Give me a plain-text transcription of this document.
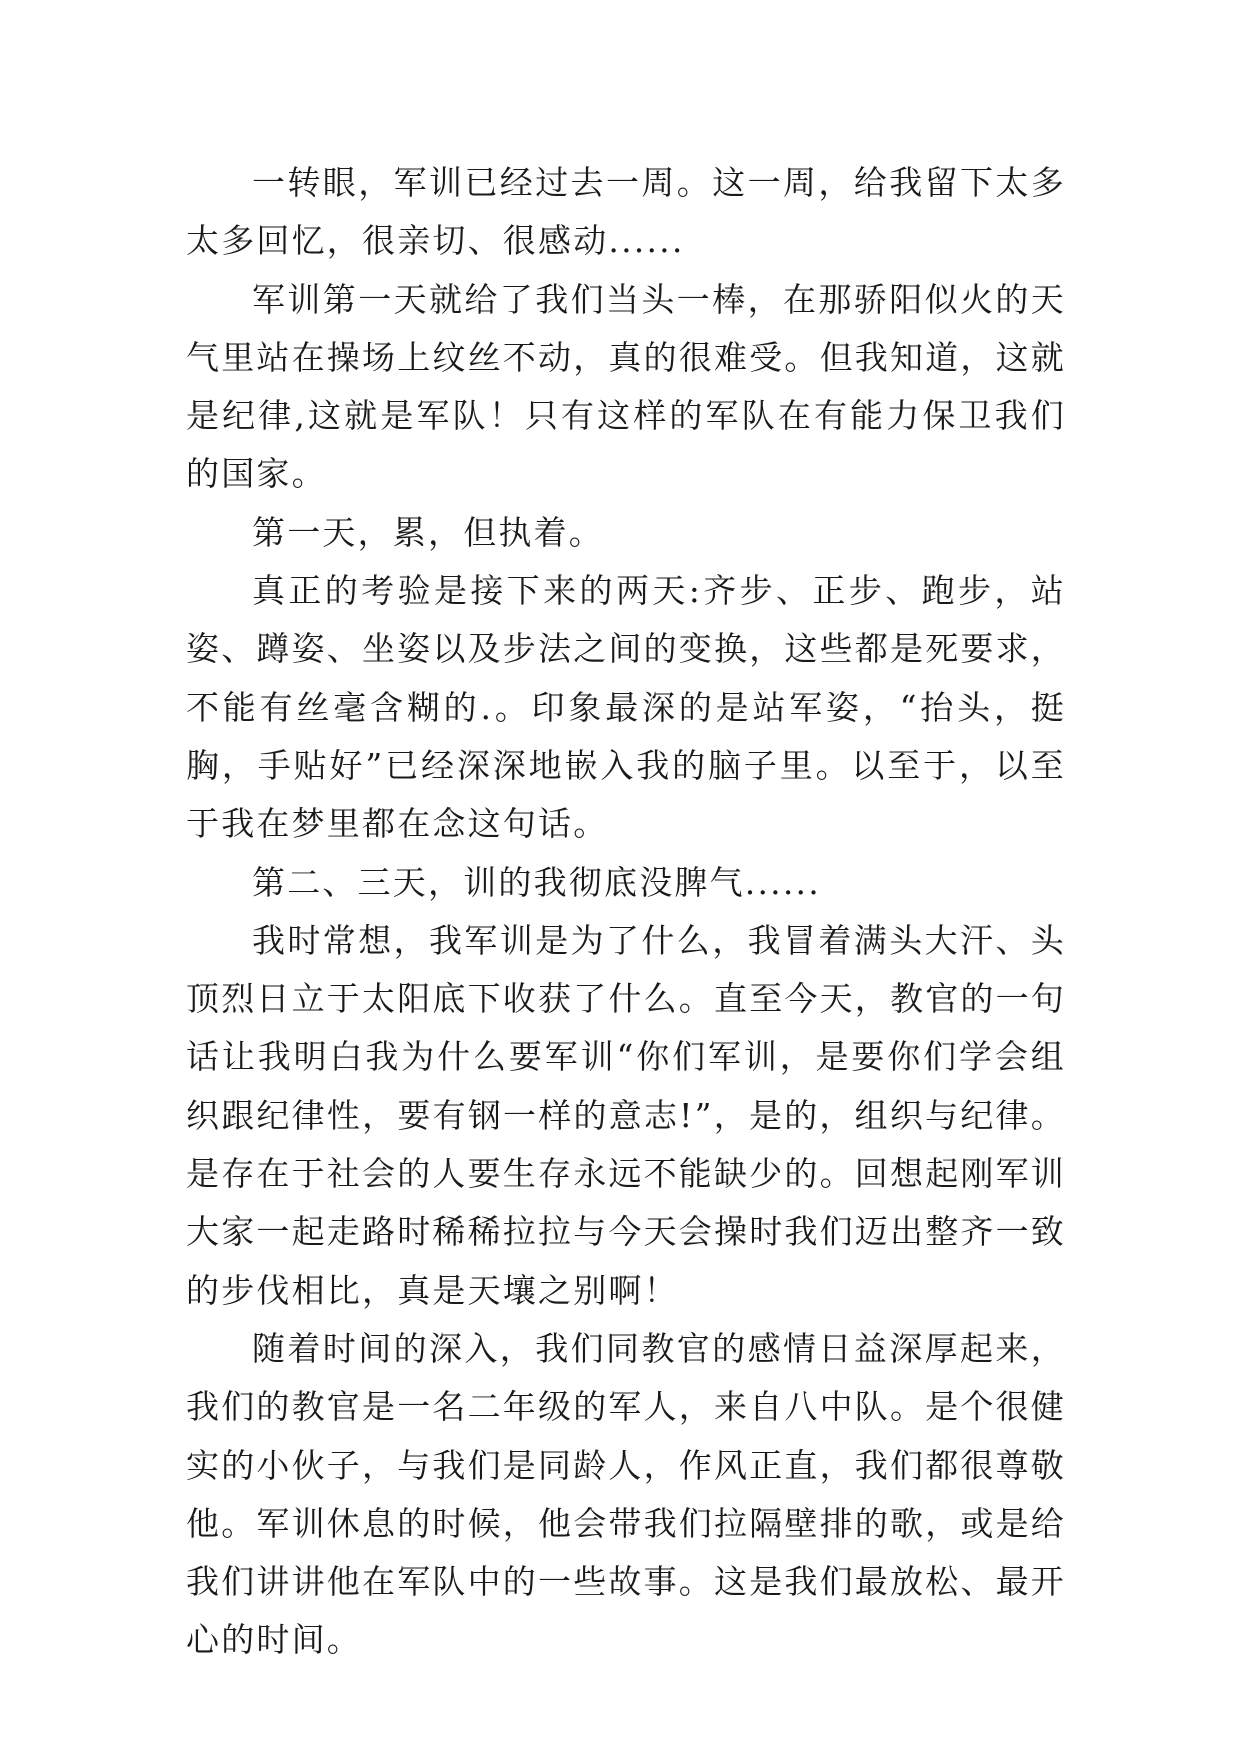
一转眼，军训已经过去一周。这一周，给我留下太多太多回忆，很亲切、很感动......

军训第一天就给了我们当头一棒，在那骄阳似火的天气里站在操场上纹丝不动，真的很难受。但我知道，这就是纪律,这就是军队！只有这样的军队在有能力保卫我们的国家。

第一天，累，但执着。

真正的考验是接下来的两天:齐步、正步、跑步，站姿、蹲姿、坐姿以及步法之间的变换，这些都是死要求，不能有丝毫含糊的.。印象最深的是站军姿，“抬头，挺胸，手贴好”已经深深地嵌入我的脑子里。以至于，以至于我在梦里都在念这句话。

第二、三天，训的我彻底没脾气......

我时常想，我军训是为了什么，我冒着满头大汗、头顶烈日立于太阳底下收获了什么。直至今天，教官的一句话让我明白我为什么要军训“你们军训，是要你们学会组织跟纪律性，要有钢一样的意志!”，是的，组织与纪律。是存在于社会的人要生存永远不能缺少的。回想起刚军训大家一起走路时稀稀拉拉与今天会操时我们迈出整齐一致的步伐相比，真是天壤之别啊！

随着时间的深入，我们同教官的感情日益深厚起来，我们的教官是一名二年级的军人，来自八中队。是个很健实的小伙子，与我们是同龄人，作风正直，我们都很尊敬他。军训休息的时候，他会带我们拉隔壁排的歌，或是给我们讲讲他在军队中的一些故事。这是我们最放松、最开心的时间。
